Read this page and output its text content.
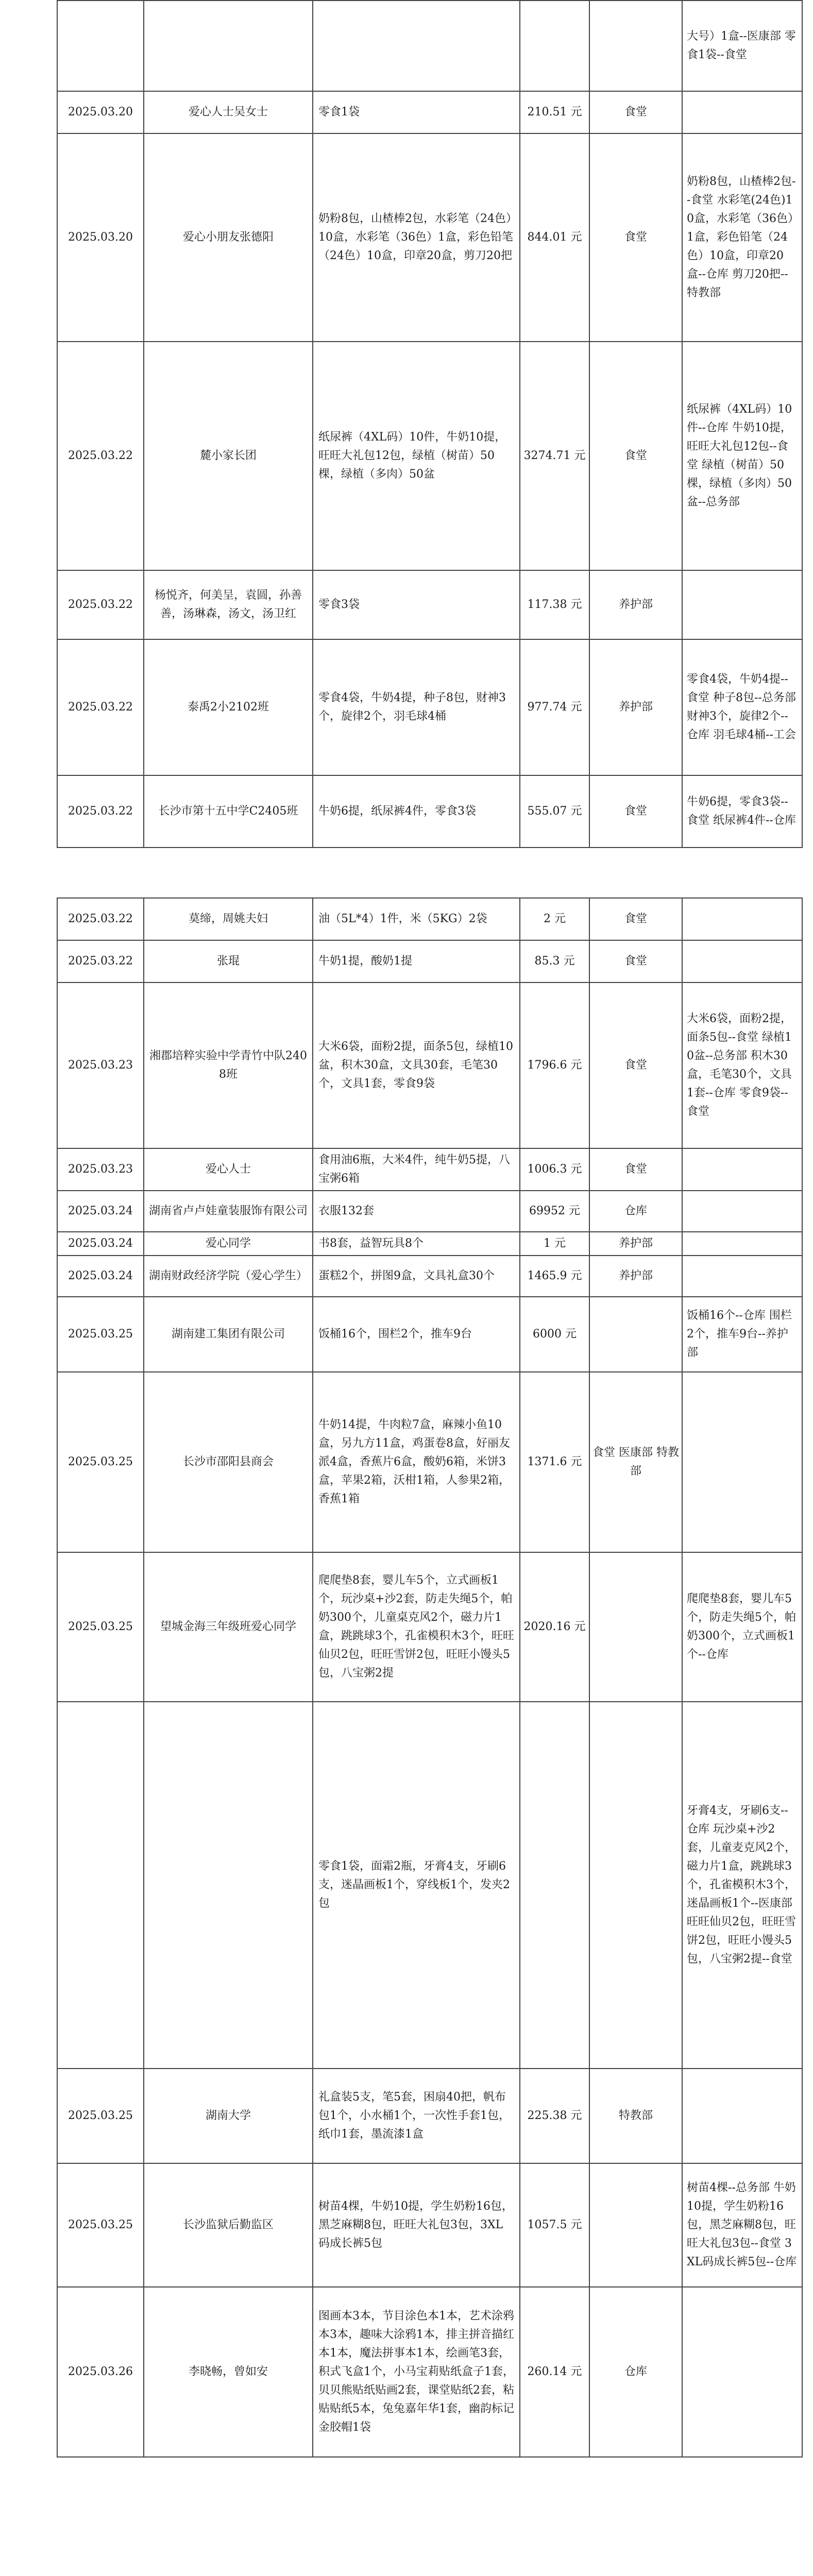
					大号）1盒--医康部 零食1袋--食堂
2025.03.20	爱心人士吴女士	零食1袋	210.51 元	食堂	
2025.03.20	爱心小朋友张德阳	奶粉8包，山楂棒2包，水彩笔（24色）10盒，水彩笔（36色）1盒，彩色铅笔（24色）10盒，印章20盒，剪刀20把	844.01 元	食堂	奶粉8包，山楂棒2包--食堂 水彩笔(24色)10盒，水彩笔（36色）1盒，彩色铅笔（24色）10盒，印章20盒--仓库 剪刀20把--特教部
2025.03.22	麓小家长团	纸尿裤（4XL码）10件，牛奶10提，旺旺大礼包12包，绿植（树苗）50棵，绿植（多肉）50盆	3274.71 元	食堂	纸尿裤（4XL码）10件--仓库 牛奶10提，旺旺大礼包12包--食堂 绿植（树苗）50棵，绿植（多肉）50盆--总务部
2025.03.22	杨悦齐，何美呈，袁圆，孙善善，汤琳森，汤文，汤卫红	零食3袋	117.38 元	养护部	
2025.03.22	泰禹2小2102班	零食4袋，牛奶4提，种子8包，财神3个，旋律2个，羽毛球4桶	977.74 元	养护部	零食4袋，牛奶4提--食堂 种子8包--总务部 财神3个，旋律2个--仓库 羽毛球4桶--工会
2025.03.22	长沙市第十五中学C2405班	牛奶6提，纸尿裤4件，零食3袋	555.07 元	食堂	牛奶6提，零食3袋--食堂 纸尿裤4件--仓库
2025.03.22	莫缔，周姚夫妇	油（5L*4）1件，米（5KG）2袋	2 元	食堂	
2025.03.22	张琨	牛奶1提，酸奶1提	85.3 元	食堂	
2025.03.23	湘郡培粹实验中学青竹中队2408班	大米6袋，面粉2提，面条5包，绿植10盆，积木30盒，文具30套，毛笔30个，文具1套，零食9袋	1796.6 元	食堂	大米6袋，面粉2提，面条5包--食堂 绿植10盆--总务部 积木30盒，毛笔30个，文具1套--仓库 零食9袋--食堂
2025.03.23	爱心人士	食用油6瓶，大米4件，纯牛奶5提，八宝粥6箱	1006.3 元	食堂	
2025.03.24	湖南省卢卢娃童装服饰有限公司	衣服132套	69952 元	仓库	
2025.03.24	爱心同学	书8套，益智玩具8个	1 元	养护部	
2025.03.24	湖南财政经济学院（爱心学生）	蛋糕2个，拼图9盒，文具礼盒30个	1465.9 元	养护部	
2025.03.25	湖南建工集团有限公司	饭桶16个，围栏2个，推车9台	6000 元		饭桶16个--仓库 围栏2个，推车9台--养护部
2025.03.25	长沙市邵阳县商会	牛奶14提，牛肉粒7盒，麻辣小鱼10盒，另九方11盒，鸡蛋卷8盒，好丽友派4盒，香蕉片6盒，酸奶6箱，米饼3盒，苹果2箱，沃柑1箱，人参果2箱，香蕉1箱	1371.6 元	食堂 医康部 特教部	
2025.03.25	望城金海三年级班爱心同学	爬爬垫8套，婴儿车5个，立式画板1个，玩沙桌+沙2套，防走失绳5个，帕奶300个，儿童桌克风2个，磁力片1盒，跳跳球3个，孔雀模积木3个，旺旺仙贝2包，旺旺雪饼2包，旺旺小馒头5包，八宝粥2提	2020.16 元		爬爬垫8套，婴儿车5个，防走失绳5个，帕奶300个，立式画板1个--仓库
		零食1袋，面霜2瓶，牙膏4支，牙刷6支，迷晶画板1个，穿线板1个，发夹2包			牙膏4支，牙刷6支--仓库 玩沙桌+沙2套，儿童麦克风2个，磁力片1盒，跳跳球3个，孔雀模积木3个，迷晶画板1个--医康部 旺旺仙贝2包，旺旺雪饼2包，旺旺小馒头5包，八宝粥2提--食堂
2025.03.25	湖南大学	礼盒装5支，笔5套，困扇40把，帆布包1个，小水桶1个，一次性手套1包，纸巾1套，墨流漆1盒	225.38 元	特教部	
2025.03.25	长沙监狱后勤监区	树苗4棵，牛奶10提，学生奶粉16包，黑芝麻糊8包，旺旺大礼包3包，3XL码成长裤5包	1057.5 元		树苗4棵--总务部 牛奶10提，学生奶粉16包，黑芝麻糊8包，旺旺大礼包3包--食堂 3XL码成长裤5包--仓库
2025.03.26	李晓畅，曾如安	图画本3本，节目涂色本1本，艺术涂鸦本3本，趣味大涂鸦1本，排主拼音描红本1本，魔法拼事本1本，绘画笔3套，积式飞盒1个，小马宝莉贴纸盒子1套，贝贝熊贴纸贴画2套，课堂贴纸2套，粘贴贴纸5本，兔兔嘉年华1套，幽韵标记金胶帽1袋	260.14 元	仓库	
